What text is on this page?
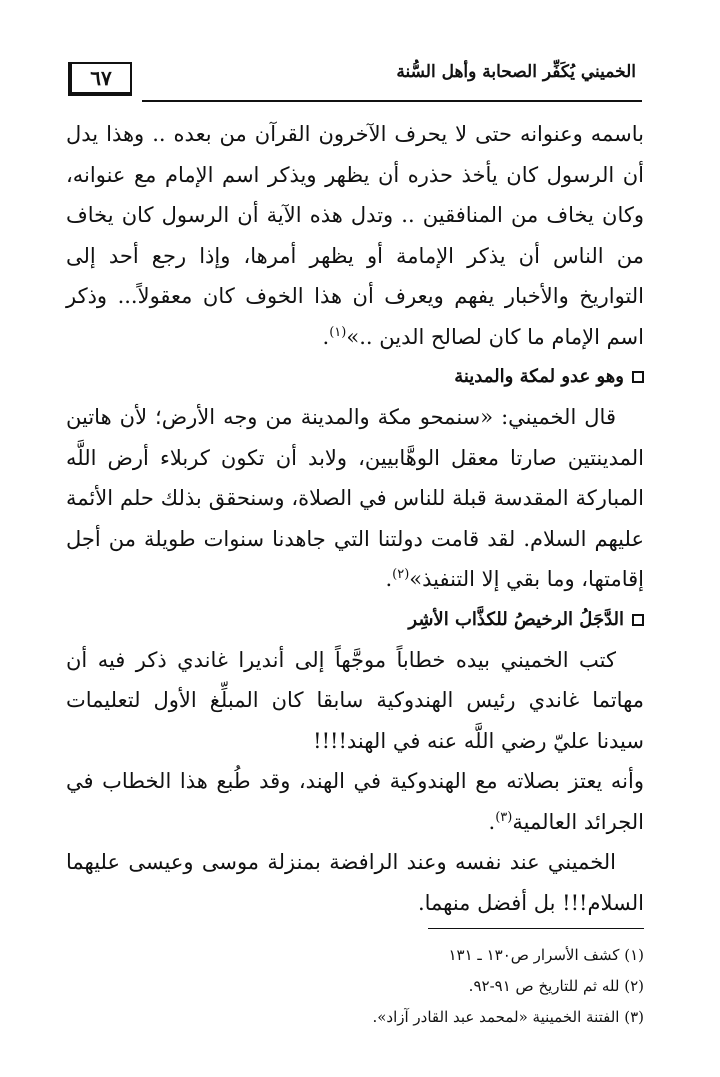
الخميني يُكَفِّر الصحابة وأهل السُّنة
٦٧

باسمه وعنوانه حتى لا يحرف الآخرون القرآن من بعده .. وهذا يدل أن الرسول كان يأخذ حذره أن يظهر ويذكر اسم الإمام مع عنوانه، وكان يخاف من المنافقين .. وتدل هذه الآية أن الرسول كان يخاف من الناس أن يذكر الإمامة أو يظهر أمرها، وإذا رجع أحد إلى التواريخ والأخبار يفهم ويعرف أن هذا الخوف كان معقولاً... وذكر اسم الإمام ما كان لصالح الدين ..»$^{(١)}$.

وهو عدو لمكة والمدينة

قال الخميني: «سنمحو مكة والمدينة من وجه الأرض؛ لأن هاتين المدينتين صارتا معقل الوهَّابيين، ولابد أن تكون كربلاء أرض اللَّه المباركة المقدسة قبلة للناس في الصلاة، وسنحقق بذلك حلم الأئمة عليهم السلام. لقد قامت دولتنا التي جاهدنا سنوات طويلة من أجل إقامتها، وما بقي إلا التنفيذ»$^{(٢)}$.

الدَّجَلُ الرخيصُ للكذَّاب الأشِر

كتب الخميني بيده خطاباً موجَّهاً إلى أنديرا غاندي ذكر فيه أن مهاتما غاندي رئيس الهندوكية سابقا كان المبلِّغ الأول لتعليمات سيدنا عليّ رضي اللَّه عنه في الهند!!!!

وأنه يعتز بصلاته مع الهندوكية في الهند، وقد طُبع هذا الخطاب في الجرائد العالمية$^{(٣)}$.

الخميني عند نفسه وعند الرافضة بمنزلة موسى وعيسى عليهما السلام!!! بل أفضل منهما.

(١) كشف الأسرار ص١٣٠ ـ ١٣١

(٢) لله ثم للتاريخ ص ٩١-٩٢.

(٣) الفتنة الخمينية «لمحمد عبد القادر آزاد».
